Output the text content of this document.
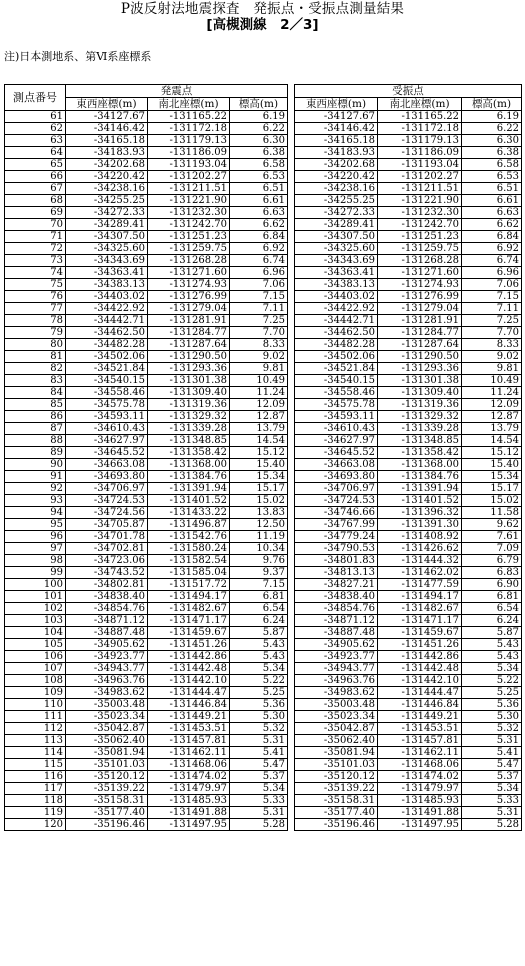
P波反射法地震探査　発振点・受振点測量結果
[高槻測線　2／3]
注)日本測地系、第Ⅵ系座標系
測点番号	発震点				受振点		
	東西座標(m)	南北座標(m)	標高(m)		東西座標(m)	南北座標(m)	標高(m)
61	-34127.67	-131165.22	6.19		-34127.67	-131165.22	6.19
62	-34146.42	-131172.18	6.22		-34146.42	-131172.18	6.22
63	-34165.18	-131179.13	6.30		-34165.18	-131179.13	6.30
64	-34183.93	-131186.09	6.38		-34183.93	-131186.09	6.38
65	-34202.68	-131193.04	6.58		-34202.68	-131193.04	6.58
66	-34220.42	-131202.27	6.53		-34220.42	-131202.27	6.53
67	-34238.16	-131211.51	6.51		-34238.16	-131211.51	6.51
68	-34255.25	-131221.90	6.61		-34255.25	-131221.90	6.61
69	-34272.33	-131232.30	6.63		-34272.33	-131232.30	6.63
70	-34289.41	-131242.70	6.62		-34289.41	-131242.70	6.62
71	-34307.50	-131251.23	6.84		-34307.50	-131251.23	6.84
72	-34325.60	-131259.75	6.92		-34325.60	-131259.75	6.92
73	-34343.69	-131268.28	6.74		-34343.69	-131268.28	6.74
74	-34363.41	-131271.60	6.96		-34363.41	-131271.60	6.96
75	-34383.13	-131274.93	7.06		-34383.13	-131274.93	7.06
76	-34403.02	-131276.99	7.15		-34403.02	-131276.99	7.15
77	-34422.92	-131279.04	7.11		-34422.92	-131279.04	7.11
78	-34442.71	-131281.91	7.25		-34442.71	-131281.91	7.25
79	-34462.50	-131284.77	7.70		-34462.50	-131284.77	7.70
80	-34482.28	-131287.64	8.33		-34482.28	-131287.64	8.33
81	-34502.06	-131290.50	9.02		-34502.06	-131290.50	9.02
82	-34521.84	-131293.36	9.81		-34521.84	-131293.36	9.81
83	-34540.15	-131301.38	10.49		-34540.15	-131301.38	10.49
84	-34558.46	-131309.40	11.24		-34558.46	-131309.40	11.24
85	-34575.78	-131319.36	12.09		-34575.78	-131319.36	12.09
86	-34593.11	-131329.32	12.87		-34593.11	-131329.32	12.87
87	-34610.43	-131339.28	13.79		-34610.43	-131339.28	13.79
88	-34627.97	-131348.85	14.54		-34627.97	-131348.85	14.54
89	-34645.52	-131358.42	15.12		-34645.52	-131358.42	15.12
90	-34663.08	-131368.00	15.40		-34663.08	-131368.00	15.40
91	-34693.80	-131384.76	15.34		-34693.80	-131384.76	15.34
92	-34706.97	-131391.94	15.17		-34706.97	-131391.94	15.17
93	-34724.53	-131401.52	15.02		-34724.53	-131401.52	15.02
94	-34724.56	-131433.22	13.83		-34746.66	-131396.32	11.58
95	-34705.87	-131496.87	12.50		-34767.99	-131391.30	9.62
96	-34701.78	-131542.76	11.19		-34779.24	-131408.92	7.61
97	-34702.81	-131580.24	10.34		-34790.53	-131426.62	7.09
98	-34723.06	-131582.54	9.76		-34801.83	-131444.32	6.79
99	-34743.52	-131585.04	9.37		-34813.13	-131462.02	6.83
100	-34802.81	-131517.72	7.15		-34827.21	-131477.59	6.90
101	-34838.40	-131494.17	6.81		-34838.40	-131494.17	6.81
102	-34854.76	-131482.67	6.54		-34854.76	-131482.67	6.54
103	-34871.12	-131471.17	6.24		-34871.12	-131471.17	6.24
104	-34887.48	-131459.67	5.87		-34887.48	-131459.67	5.87
105	-34905.62	-131451.26	5.43		-34905.62	-131451.26	5.43
106	-34923.77	-131442.86	5.43		-34923.77	-131442.86	5.43
107	-34943.77	-131442.48	5.34		-34943.77	-131442.48	5.34
108	-34963.76	-131442.10	5.22		-34963.76	-131442.10	5.22
109	-34983.62	-131444.47	5.25		-34983.62	-131444.47	5.25
110	-35003.48	-131446.84	5.36		-35003.48	-131446.84	5.36
111	-35023.34	-131449.21	5.30		-35023.34	-131449.21	5.30
112	-35042.87	-131453.51	5.32		-35042.87	-131453.51	5.32
113	-35062.40	-131457.81	5.31		-35062.40	-131457.81	5.31
114	-35081.94	-131462.11	5.41		-35081.94	-131462.11	5.41
115	-35101.03	-131468.06	5.47		-35101.03	-131468.06	5.47
116	-35120.12	-131474.02	5.37		-35120.12	-131474.02	5.37
117	-35139.22	-131479.97	5.34		-35139.22	-131479.97	5.34
118	-35158.31	-131485.93	5.33		-35158.31	-131485.93	5.33
119	-35177.40	-131491.88	5.31		-35177.40	-131491.88	5.31
120	-35196.46	-131497.95	5.28		-35196.46	-131497.95	5.28
